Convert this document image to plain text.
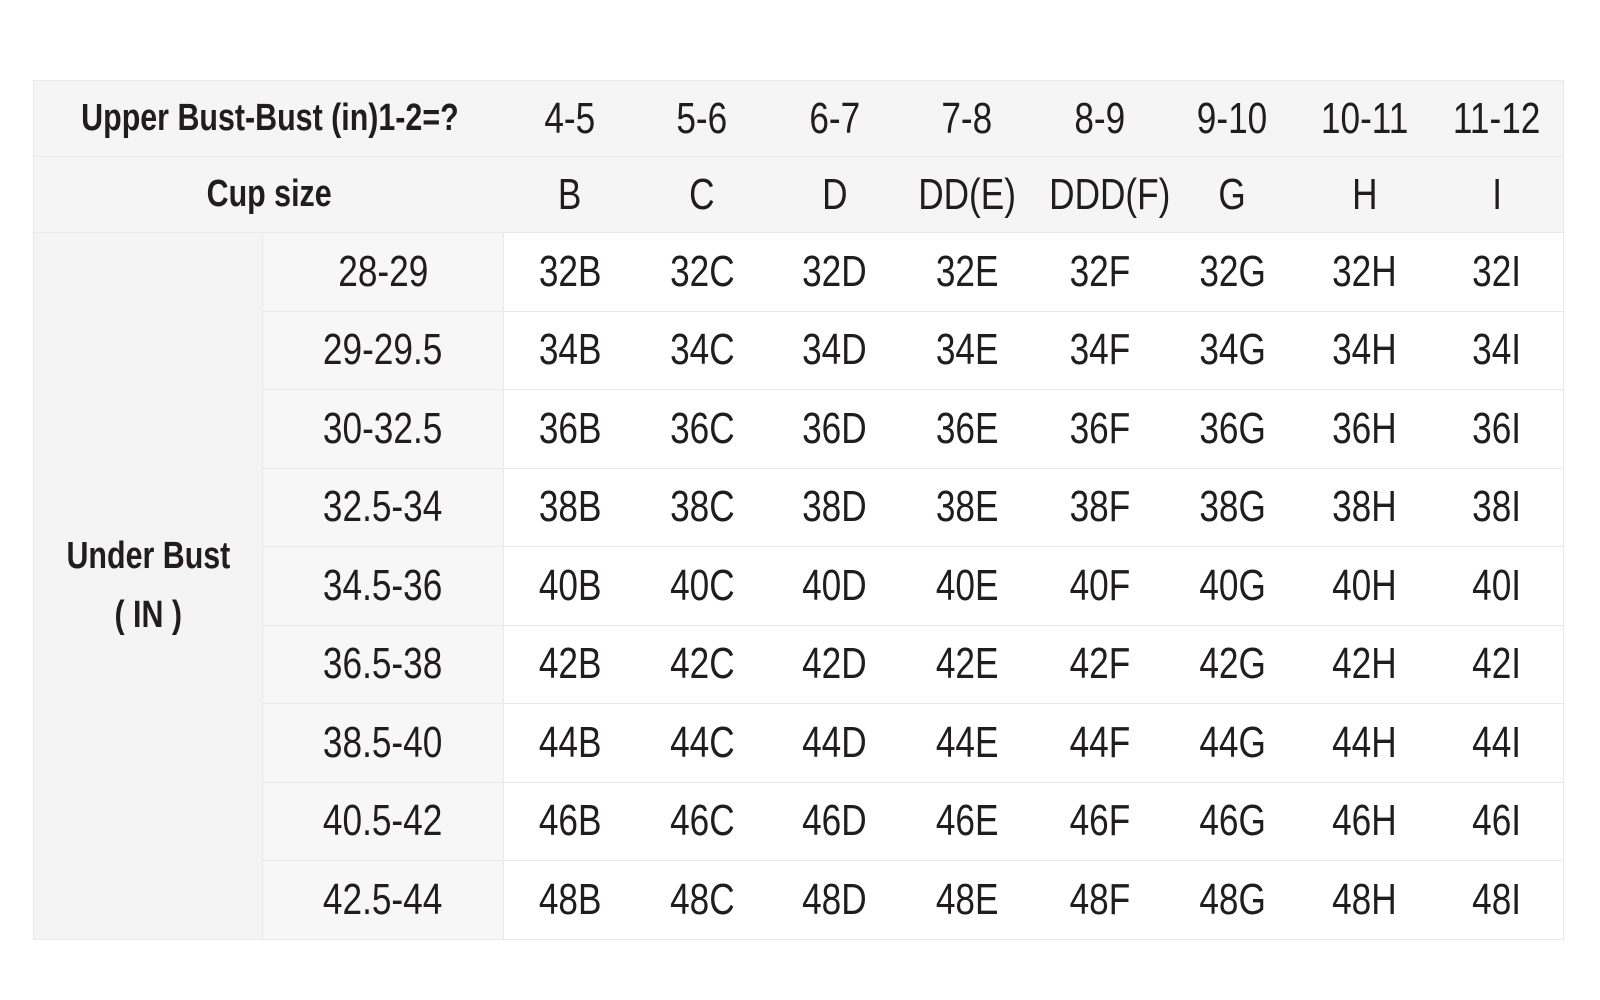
Upper Bust-Bust (in)1-2=?		4-5	5-6	6-7	7-8	8-9	9-10	10-11	11-12
Cup size		B	C	D	DD(E)	DDD(F)	G	H	I

Under Bust
( IN )	28-29	32B	32C	32D	32E	32F	32G	32H	32I
	29-29.5	34B	34C	34D	34E	34F	34G	34H	34I
	30-32.5	36B	36C	36D	36E	36F	36G	36H	36I
	32.5-34	38B	38C	38D	38E	38F	38G	38H	38I
	34.5-36	40B	40C	40D	40E	40F	40G	40H	40I
	36.5-38	42B	42C	42D	42E	42F	42G	42H	42I
	38.5-40	44B	44C	44D	44E	44F	44G	44H	44I
	40.5-42	46B	46C	46D	46E	46F	46G	46H	46I
	42.5-44	48B	48C	48D	48E	48F	48G	48H	48I
